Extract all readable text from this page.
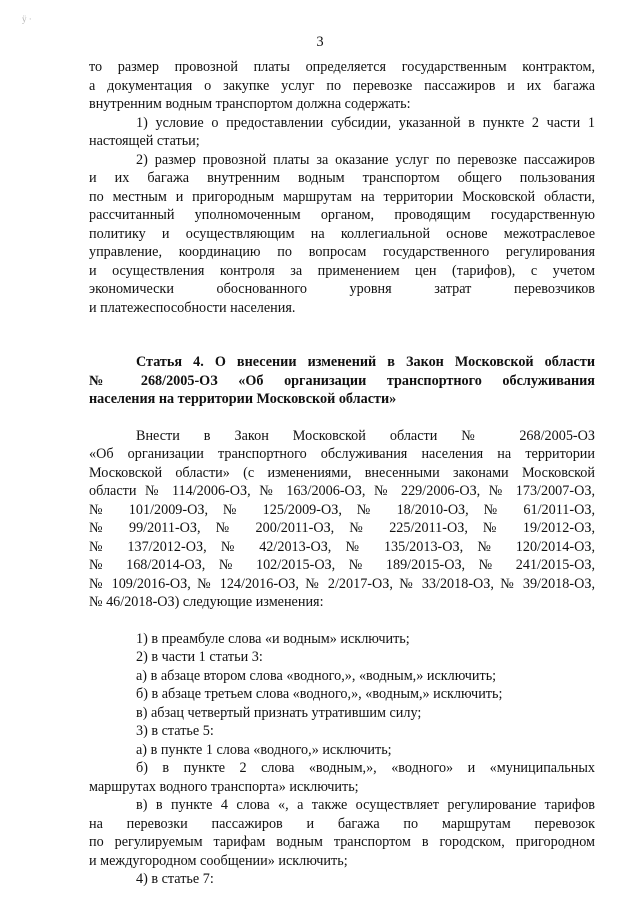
ÿ ·
3

то размер провозной платы определяется государственным контрактом,

а документация о закупке услуг по перевозке пассажиров и их багажа

внутренним водным транспортом должна содержать:

1) условие о предоставлении субсидии, указанной в пункте 2 части 1

настоящей статьи;

2) размер провозной платы за оказание услуг по перевозке пассажиров

и их багажа внутренним водным транспортом общего пользования

по местным и пригородным маршрутам на территории Московской области,

рассчитанный уполномоченным органом, проводящим государственную

политику и осуществляющим на коллегиальной основе межотраслевое

управление, координацию по вопросам государственного регулирования

и осуществления контроля за применением цен (тарифов), с учетом

экономически обоснованного уровня затрат перевозчиков

и платежеспособности населения.

Статья 4. О внесении изменений в Закон Московской области
№ 268/2005-ОЗ «Об организации транспортного обслуживания
населения на территории Московской области»

Внести в Закон Московской области № 268/2005-ОЗ

«Об организации транспортного обслуживания населения на территории

Московской области» (с изменениями, внесенными законами Московской

области № 114/2006-ОЗ, № 163/2006-ОЗ, № 229/2006-ОЗ, № 173/2007-ОЗ,

№ 101/2009-ОЗ, № 125/2009-ОЗ, № 18/2010-ОЗ, № 61/2011-ОЗ,

№ 99/2011-ОЗ, № 200/2011-ОЗ, № 225/2011-ОЗ, № 19/2012-ОЗ,

№ 137/2012-ОЗ, № 42/2013-ОЗ, № 135/2013-ОЗ, № 120/2014-ОЗ,

№ 168/2014-ОЗ, № 102/2015-ОЗ, № 189/2015-ОЗ, № 241/2015-ОЗ,

№ 109/2016-ОЗ, № 124/2016-ОЗ, № 2/2017-ОЗ, № 33/2018-ОЗ, № 39/2018-ОЗ,

№ 46/2018-ОЗ) следующие изменения:

1) в преамбуле слова «и водным» исключить;

2) в части 1 статьи 3:

а) в абзаце втором слова «водного,», «водным,» исключить;

б) в абзаце третьем слова «водного,», «водным,» исключить;

в) абзац четвертый признать утратившим силу;

3) в статье 5:

а) в пункте 1 слова «водного,» исключить;

б) в пункте 2 слова «водным,», «водного» и «муниципальных

маршрутах водного транспорта» исключить;

в) в пункте 4 слова «, а также осуществляет регулирование тарифов

на перевозки пассажиров и багажа по маршрутам перевозок

по регулируемым тарифам водным транспортом в городском, пригородном

и междугородном сообщении» исключить;

4) в статье 7:
